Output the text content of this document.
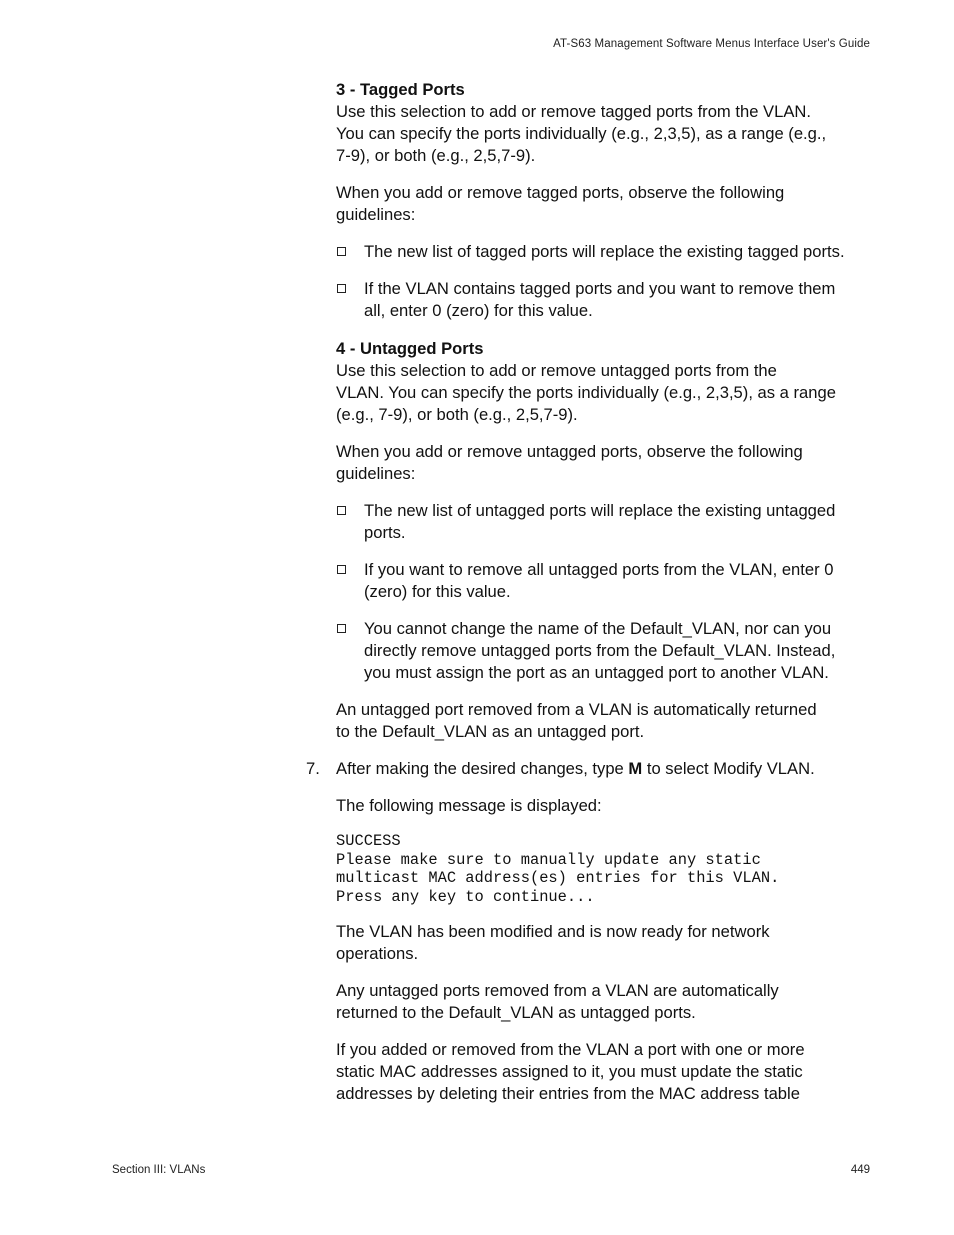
AT-S63 Management Software Menus Interface User's Guide

3 - Tagged Ports

Use this selection to add or remove tagged ports from the VLAN.

You can specify the ports individually (e.g., 2,3,5), as a range (e.g.,

7-9), or both (e.g., 2,5,7-9).

When you add or remove tagged ports, observe the following

guidelines:

The new list of tagged ports will replace the existing tagged ports.

If the VLAN contains tagged ports and you want to remove them

all, enter 0 (zero) for this value.

4 - Untagged Ports

Use this selection to add or remove untagged ports from the

VLAN. You can specify the ports individually (e.g., 2,3,5), as a range

(e.g., 7-9), or both (e.g., 2,5,7-9).

When you add or remove untagged ports, observe the following

guidelines:

The new list of untagged ports will replace the existing untagged

ports.

If you want to remove all untagged ports from the VLAN, enter 0

(zero) for this value.

You cannot change the name of the Default_VLAN, nor can you

directly remove untagged ports from the Default_VLAN. Instead,

you must assign the port as an untagged port to another VLAN.

An untagged port removed from a VLAN is automatically returned

to the Default_VLAN as an untagged port.

7. After making the desired changes, type M to select Modify VLAN.

The following message is displayed:

SUCCESS
Please make sure to manually update any static
multicast MAC address(es) entries for this VLAN.
Press any key to continue...

The VLAN has been modified and is now ready for network

operations.

Any untagged ports removed from a VLAN are automatically

returned to the Default_VLAN as untagged ports.

If you added or removed from the VLAN a port with one or more

static MAC addresses assigned to it, you must update the static

addresses by deleting their entries from the MAC address table

Section III: VLANs	449
